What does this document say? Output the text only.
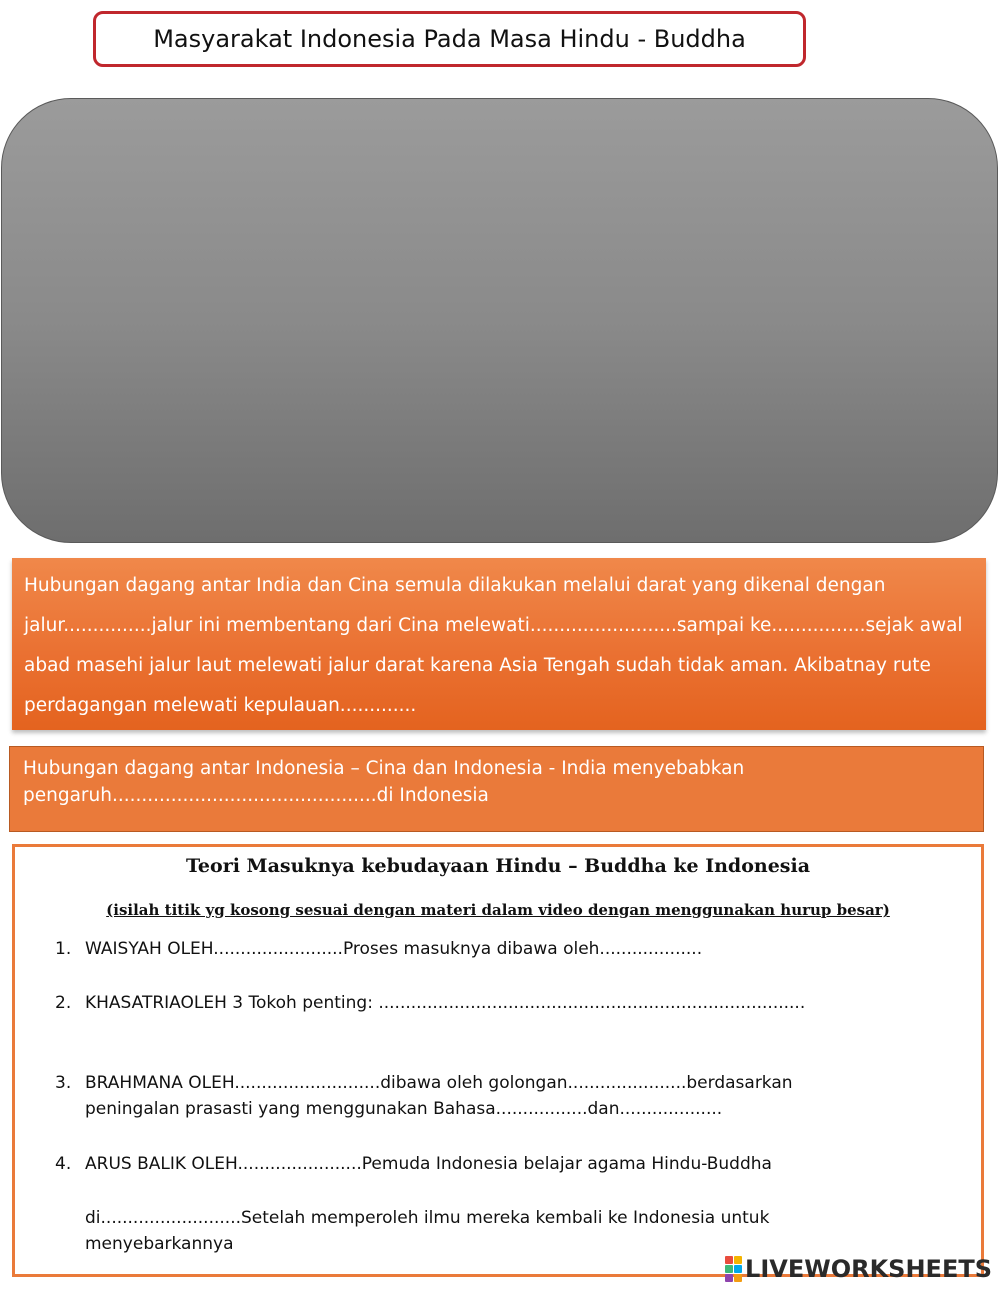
Masyarakat Indonesia Pada Masa Hindu - Buddha
Hubungan dagang antar India dan Cina semula dilakukan melalui darat yang dikenal dengan
jalur...............jalur ini membentang dari Cina melewati.........................sampai ke................sejak awal
abad masehi jalur laut melewati jalur darat karena Asia Tengah sudah tidak aman. Akibatnay rute
perdagangan melewati kepulauan.............
Hubungan dagang antar Indonesia – Cina dan Indonesia - India menyebabkan
pengaruh.............................................di Indonesia
Teori Masuknya kebudayaan Hindu – Buddha ke Indonesia
(isilah titik yg kosong sesuai dengan materi dalam video dengan menggunakan hurup besar)
1. WAISYAH OLEH........................Proses masuknya dibawa oleh...................
2. KHASATRIAOLEH 3 Tokoh penting: ...............................................................................
3. BRAHMANA OLEH...........................dibawa oleh golongan......................berdasarkan
peningalan prasasti yang menggunakan Bahasa.................dan...................
4. ARUS BALIK OLEH.......................Pemuda Indonesia belajar agama Hindu-Buddha
di..........................Setelah memperoleh ilmu mereka kembali ke Indonesia untuk
menyebarkannya
LIVEWORKSHEETS
